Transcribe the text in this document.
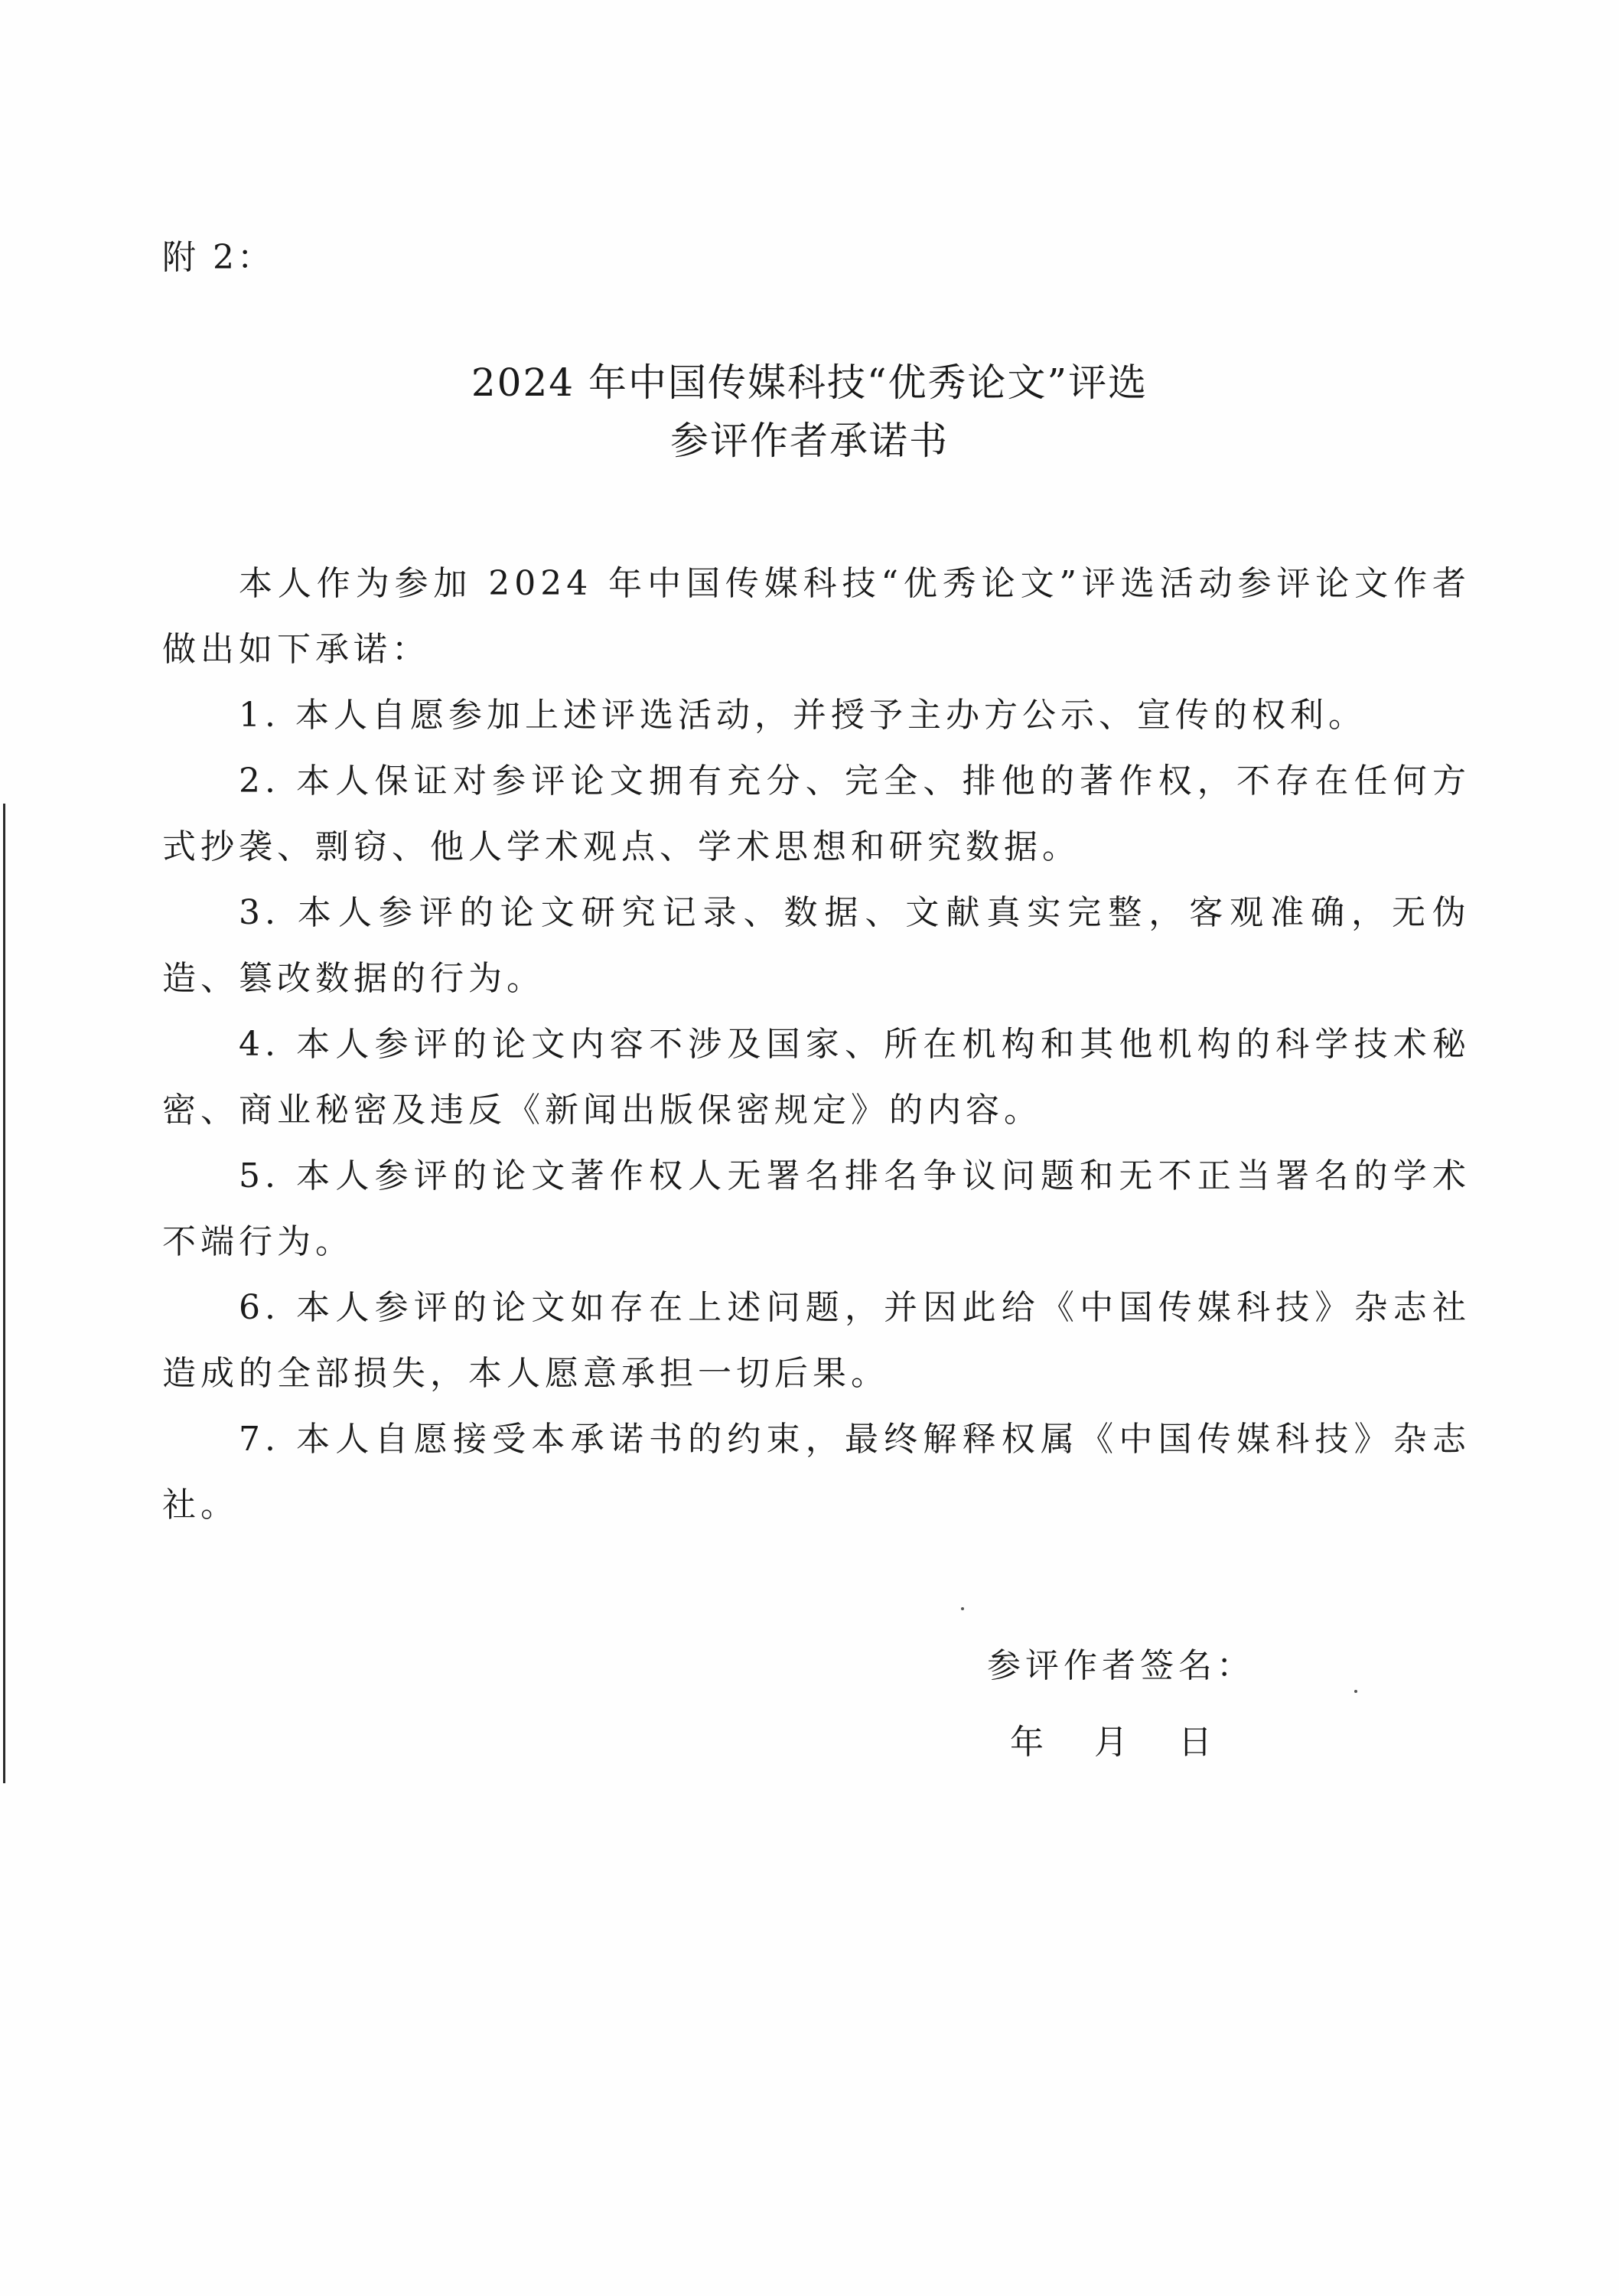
附 2：
2024 年中国传媒科技“优秀论文”评选
参评作者承诺书

本人作为参加 2024 年中国传媒科技“优秀论文”评选活动参评论文作者做出如下承诺：

1. 本人自愿参加上述评选活动，并授予主办方公示、宣传的权利。

2. 本人保证对参评论文拥有充分、完全、排他的著作权，不存在任何方式抄袭、剽窃、他人学术观点、学术思想和研究数据。

3. 本人参评的论文研究记录、数据、文献真实完整，客观准确，无伪造、篡改数据的行为。

4. 本人参评的论文内容不涉及国家、所在机构和其他机构的科学技术秘密、商业秘密及违反《新闻出版保密规定》的内容。

5. 本人参评的论文著作权人无署名排名争议问题和无不正当署名的学术不端行为。

6. 本人参评的论文如存在上述问题，并因此给《中国传媒科技》杂志社造成的全部损失，本人愿意承担一切后果。

7. 本人自愿接受本承诺书的约束，最终解释权属《中国传媒科技》杂志社。

参评作者签名：
年 月 日
